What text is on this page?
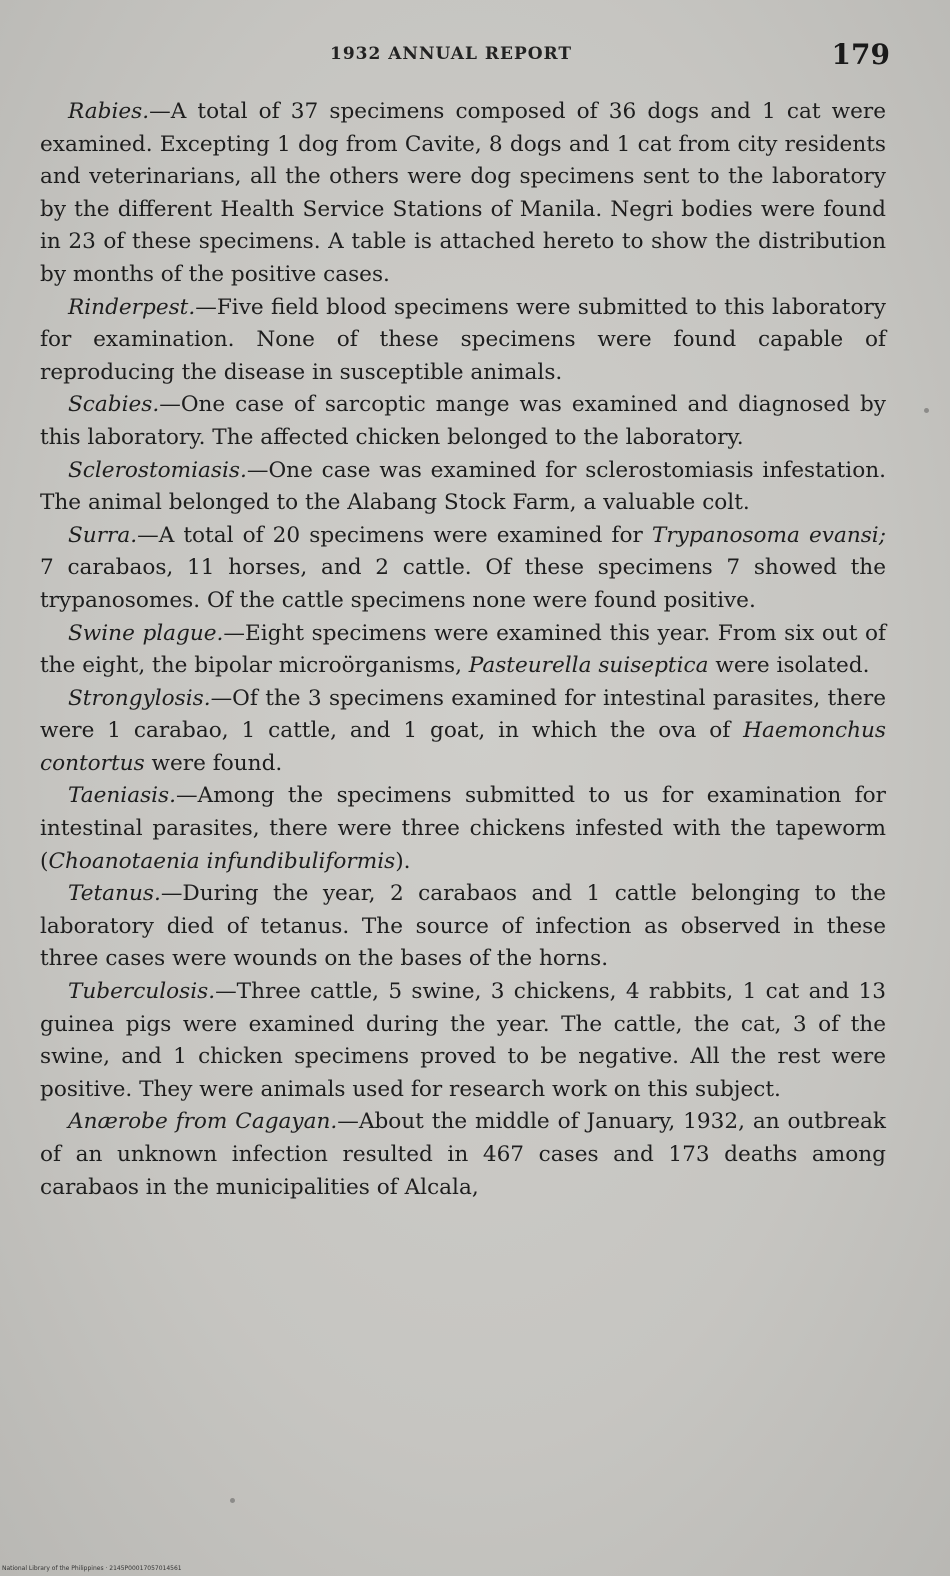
1932 ANNUAL REPORT	179

Rabies.—A total of 37 specimens composed of 36 dogs and 1 cat were examined. Excepting 1 dog from Cavite, 8 dogs and 1 cat from city residents and veterinarians, all the others were dog specimens sent to the laboratory by the different Health Service Stations of Manila. Negri bodies were found in 23 of these specimens. A table is attached hereto to show the distribution by months of the positive cases.

Rinderpest.—Five field blood specimens were submitted to this laboratory for examination. None of these specimens were found capable of reproducing the disease in susceptible animals.

Scabies.—One case of sarcoptic mange was examined and diagnosed by this laboratory. The affected chicken belonged to the laboratory.

Sclerostomiasis.—One case was examined for sclerostomiasis infestation. The animal belonged to the Alabang Stock Farm, a valuable colt.

Surra.—A total of 20 specimens were examined for Trypanosoma evansi; 7 carabaos, 11 horses, and 2 cattle. Of these specimens 7 showed the trypanosomes. Of the cattle specimens none were found positive.

Swine plague.—Eight specimens were examined this year. From six out of the eight, the bipolar microörganisms, Pasteurella suiseptica were isolated.

Strongylosis.—Of the 3 specimens examined for intestinal parasites, there were 1 carabao, 1 cattle, and 1 goat, in which the ova of Haemonchus contortus were found.

Taeniasis.—Among the specimens submitted to us for examination for intestinal parasites, there were three chickens infested with the tapeworm (Choanotaenia infundibuliformis).

Tetanus.—During the year, 2 carabaos and 1 cattle belonging to the laboratory died of tetanus. The source of infection as observed in these three cases were wounds on the bases of the horns.

Tuberculosis.—Three cattle, 5 swine, 3 chickens, 4 rabbits, 1 cat and 13 guinea pigs were examined during the year. The cattle, the cat, 3 of the swine, and 1 chicken specimens proved to be negative. All the rest were positive. They were animals used for research work on this subject.

Anærobe from Cagayan.—About the middle of January, 1932, an outbreak of an unknown infection resulted in 467 cases and 173 deaths among carabaos in the municipalities of Alcala,

National Library of the Philippines · 2145P00017057014561
